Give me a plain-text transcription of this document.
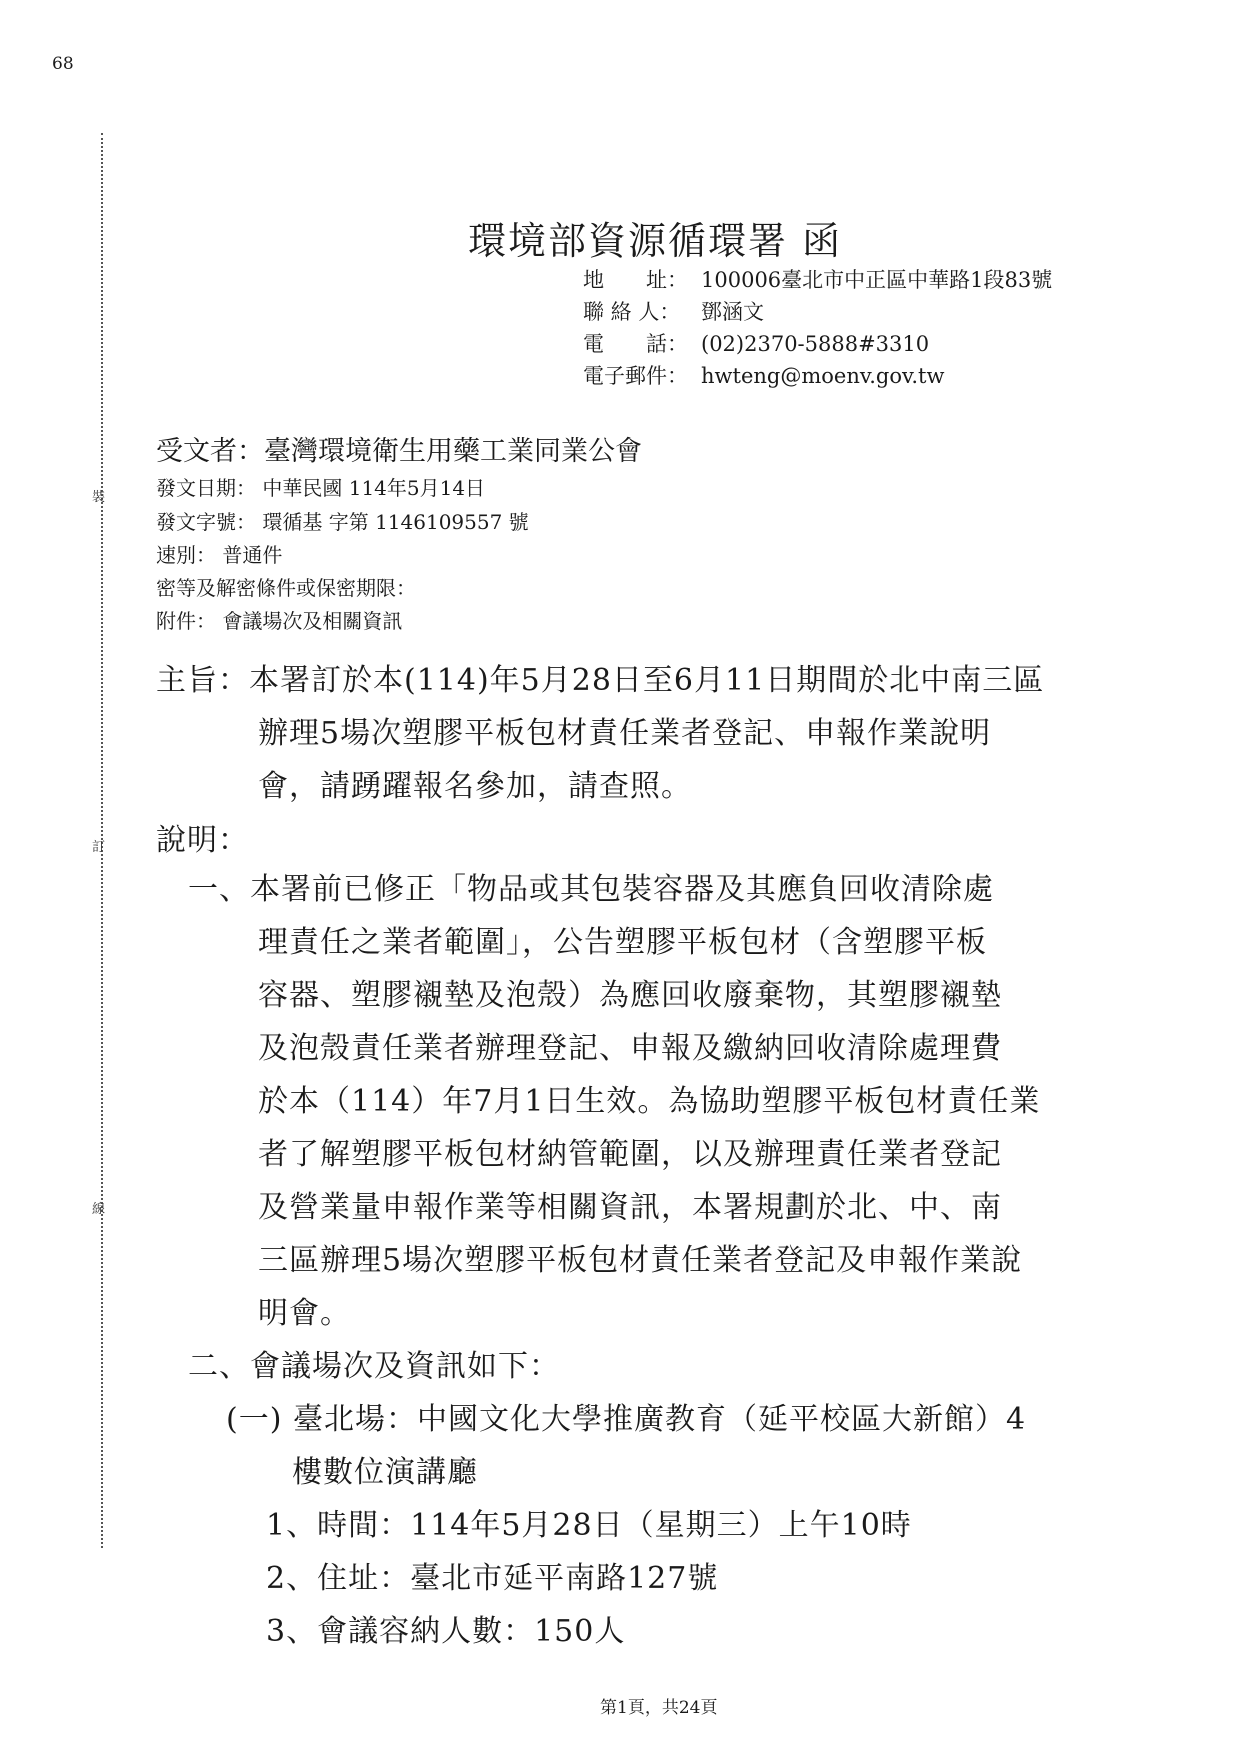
68
裝
訂
線
環境部資源循環署 函
地　　址： 100006臺北市中正區中華路1段83號
聯 絡 人： 鄧涵文
電　　話： (02)2370-5888#3310
電子郵件： hwteng@moenv.gov.tw
受文者：臺灣環境衛生用藥工業同業公會
發文日期： 中華民國 114年5月14日
發文字號： 環循基 字第 1146109557 號
速別： 普通件
密等及解密條件或保密期限：
附件： 會議場次及相關資訊
主旨：本署訂於本(114)年5月28日至6月11日期間於北中南三區
辦理5場次塑膠平板包材責任業者登記、申報作業說明
會，請踴躍報名參加，請查照。
說明：
一、本署前已修正「物品或其包裝容器及其應負回收清除處
理責任之業者範圍」，公告塑膠平板包材（含塑膠平板
容器、塑膠襯墊及泡殼）為應回收廢棄物，其塑膠襯墊
及泡殼責任業者辦理登記、申報及繳納回收清除處理費
於本（114）年7月1日生效。為協助塑膠平板包材責任業
者了解塑膠平板包材納管範圍，以及辦理責任業者登記
及營業量申報作業等相關資訊，本署規劃於北、中、南
三區辦理5場次塑膠平板包材責任業者登記及申報作業說
明會。
二、會議場次及資訊如下：
(一) 臺北場：中國文化大學推廣教育（延平校區大新館）4
樓數位演講廳
1、時間：114年5月28日（星期三）上午10時
2、住址：臺北市延平南路127號
3、會議容納人數：150人
第1頁，共24頁
